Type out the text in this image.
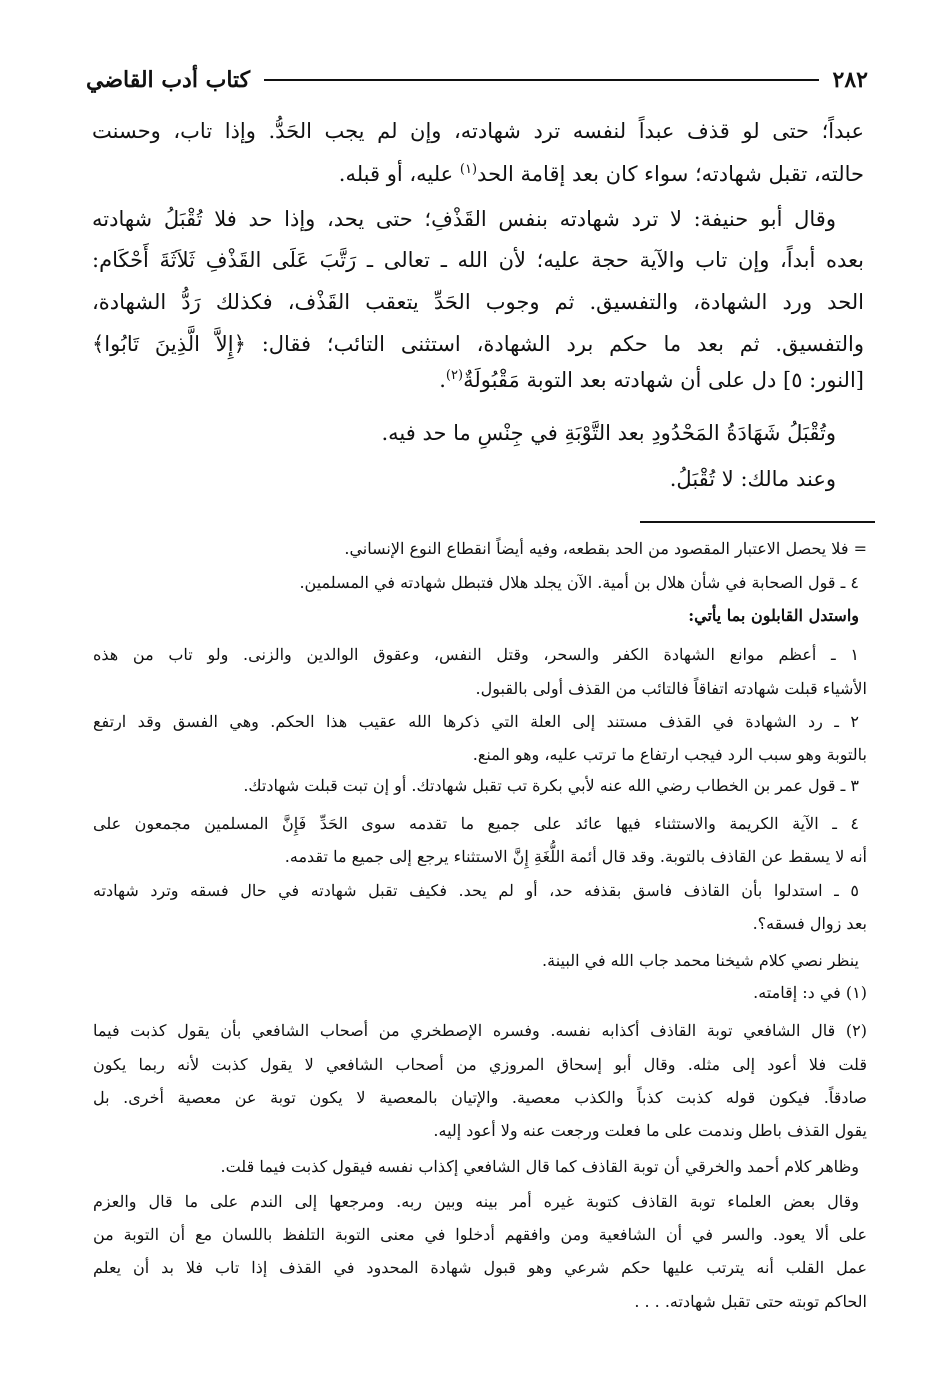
٢٨٢
كتاب أدب القاضي
عبداً؛ حتى لو قذف عبداً لنفسه ترد شهادته، وإن لم يجب الحَدُّ. وإذا تاب، وحسنت
حالته، تقبل شهادته؛ سواء كان بعد إقامة الحد$^{(١)}$ عليه، أو قبله.
وقال أبو حنيفة: لا ترد شهادته بنفس القَذْفِ؛ حتى يحد، وإذا حد فلا تُقْبَلُ شهادته
بعده أبداً، وإن تاب والآية حجة عليه؛ لأن الله ـ تعالى ـ رَتَّبَ عَلَى القَذْفِ ثَلاَثَةَ أَحْكَام:
الحد ورد الشهادة، والتفسيق. ثم وجوب الحَدِّ يتعقب القَذْف، فكذلك رَدُّ الشهادة،
والتفسيق. ثم بعد ما حكم برد الشهادة، استثنى التائب؛ فقال: ﴿إِلاَّ الَّذِينَ تَابُوا﴾
[النور: ٥] دل على أن شهادته بعد التوبة مَقْبُولَةٌ$^{(٢)}$.
وتُقْبَلُ شَهَادَةُ المَحْدُودِ بعد التَّوْبَةِ في جِنْسِ ما حد فيه.
وعند مالك: لا تُقْبَلُ.
= فلا يحصل الاعتبار المقصود من الحد بقطعه، وفيه أيضاً انقطاع النوع الإنساني.
٤ ـ قول الصحابة في شأن هلال بن أمية. الآن يجلد هلال فتبطل شهادته في المسلمين.
واستدل القابلون بما يأتي:
١ ـ أعظم موانع الشهادة الكفر والسحر، وقتل النفس، وعقوق الوالدين والزنى. ولو تاب من هذه
الأشياء قبلت شهادته اتفاقاً فالتائب من القذف أولى بالقبول.
٢ ـ رد الشهادة في القذف مستند إلى العلة التي ذكرها الله عقيب هذا الحكم. وهي الفسق وقد ارتفع
بالتوبة وهو سبب الرد فيجب ارتفاع ما ترتب عليه، وهو المنع.
٣ ـ قول عمر بن الخطاب رضي الله عنه لأبي بكرة تب تقبل شهادتك. أو إن تبت قبلت شهادتك.
٤ ـ الآية الكريمة والاستثناء فيها عائد على جميع ما تقدمه سوى الحَدِّ فَإِنَّ المسلمين مجمعون على
أنه لا يسقط عن القاذف بالتوبة. وقد قال أئمة اللُّغَةِ إِنَّ الاستثناء يرجع إلى جميع ما تقدمه.
٥ ـ استدلوا بأن القاذف فاسق بقذفه حد، أو لم يحد. فكيف تقبل شهادته في حال فسقه وترد شهادته
بعد زوال فسقه؟.
ينظر نصي كلام شيخنا محمد جاب الله في البينة.
(١) في د: إقامته.
(٢) قال الشافعي توبة القاذف أكذابه نفسه. وفسره الإصطخري من أصحاب الشافعي بأن يقول كذبت فيما
قلت فلا أعود إلى مثله. وقال أبو إسحاق المروزي من أصحاب الشافعي لا يقول كذبت لأنه ربما يكون
صادقاً. فيكون قوله كذبت كذباً والكذب معصية. والإتيان بالمعصية لا يكون توبة عن معصية أخرى. بل
يقول القذف باطل وندمت على ما فعلت ورجعت عنه ولا أعود إليه.
وظاهر كلام أحمد والخرقي أن توبة القاذف كما قال الشافعي إكذاب نفسه فيقول كذبت فيما قلت.
وقال بعض العلماء توبة القاذف كتوبة غيره أمر بينه وبين ربه. ومرجعها إلى الندم على ما قال والعزم
على ألا يعود. والسر في أن الشافعية ومن وافقهم أدخلوا في معنى التوبة التلفظ باللسان مع أن التوبة من
عمل القلب أنه يترتب عليها حكم شرعي وهو قبول شهادة المحدود في القذف إذا تاب فلا بد أن يعلم
الحاكم توبته حتى تقبل شهادته. . . .
